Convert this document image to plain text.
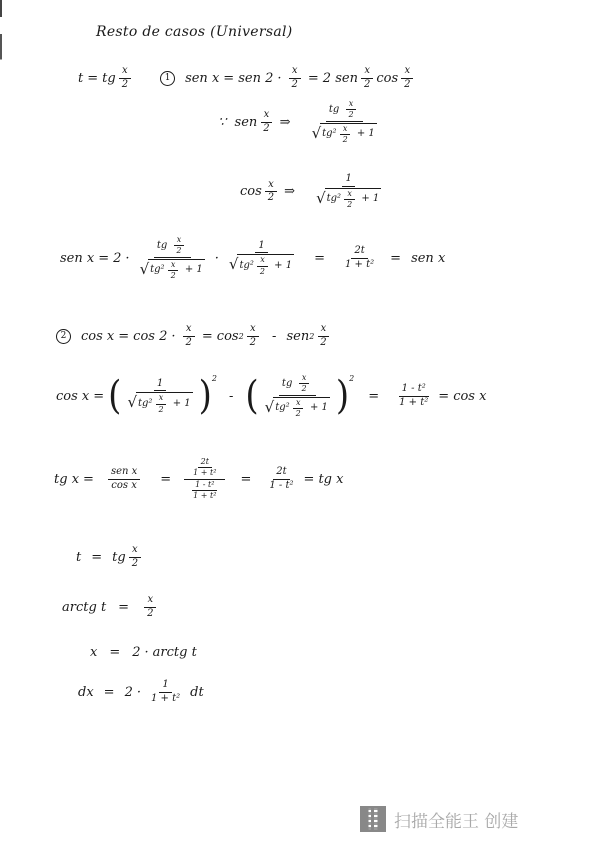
Resto de casos (Universal)
t = tg $\frac{x}{2}$	1	sen
x = sen
$2 \cdot \frac{x}{2} = 2$
sen $\frac{x}{2}$ $\cos \frac{x}{2}$
∵
sen $\frac{x}{2}$ ⇒ $\frac{tg \frac{x}{2}}{√ tg^2 \frac{x}{2} + 1}$
$\cos \frac{x}{2}$ ⇒ $\frac{1}{√ tg^2 \frac{x}{2} + 1}$
sen
$x = 2 \cdot \frac{tg \frac{x}{2}}{√ tg^2 \frac{x}{2} + 1} \cdot \frac{1}{√ tg^2 \frac{x}{2} + 1} = \frac{2t}{\text{1 + t²}}$ = sen
x
2	cos
x = cos
$2 \cdot \frac{x}{2} = \cos 2 \frac{x}{2}$ - sen $2 \frac{x}{2}$
cos
x = ( $\frac{1}{√ tg^2 \frac{x}{2} + 1} )^2$
- ( $\frac{tg \frac{x}{2}}{√ tg^2 \frac{x}{2} + 1} )^2$
= $\frac{\text{1 - t²}}{\text{1 + t²}} = \cos$
x
tg
x = sen
x
cos
$x = \frac{\frac{2t}{\text{1 + t²}}}{\frac{\text{1 - t²}}{\text{1 + t²}}} = \frac{2t}{\text{1 - t²}}$ = tg
x
t = tg $\frac{x}{2}$
arctg
$t = \frac{x}{2}$
x = 2 · arctg
t
dx = $2 \cdot \frac{1}{\text{1 + t²}}$ dt
扫描全能王 创建
